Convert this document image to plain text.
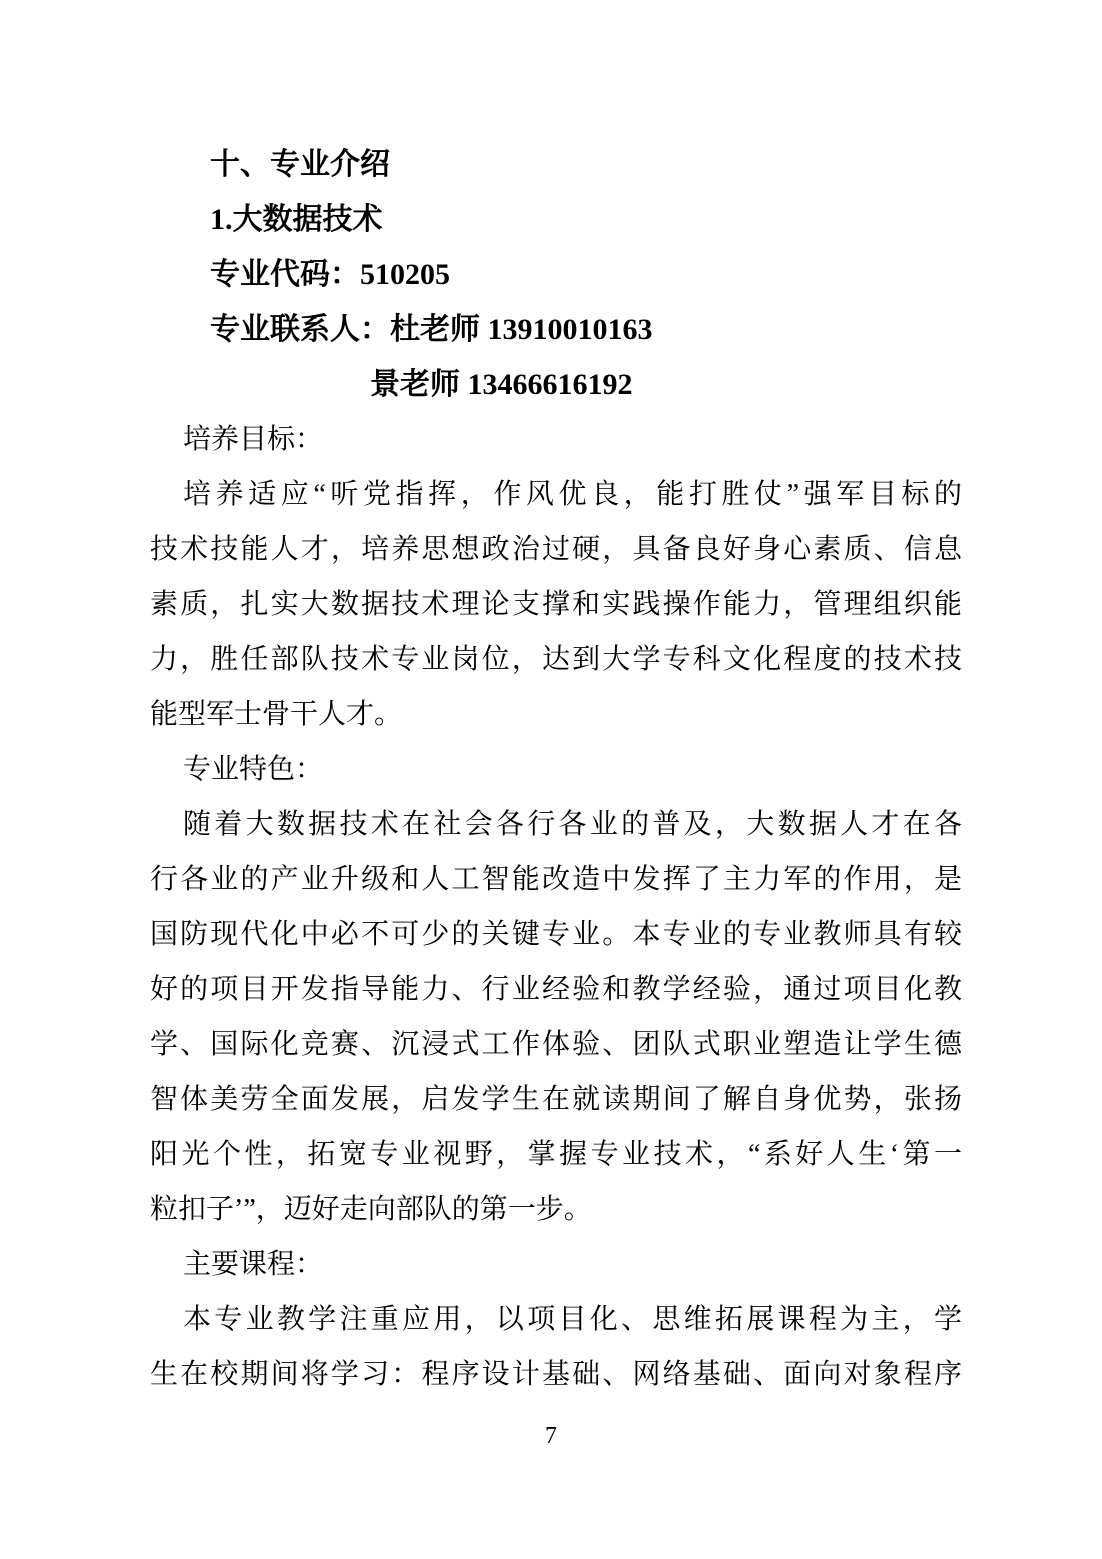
十、专业介绍
1.大数据技术
专业代码：510205
专业联系人：杜老师 13910010163
景老师 13466616192
培养目标：
培养适应“听党指挥，作风优良，能打胜仗”强军目标的
技术技能人才，培养思想政治过硬，具备良好身心素质、信息
素质，扎实大数据技术理论支撑和实践操作能力，管理组织能
力，胜任部队技术专业岗位，达到大学专科文化程度的技术技
能型军士骨干人才。
专业特色：
随着大数据技术在社会各行各业的普及，大数据人才在各
行各业的产业升级和人工智能改造中发挥了主力军的作用，是
国防现代化中必不可少的关键专业。本专业的专业教师具有较
好的项目开发指导能力、行业经验和教学经验，通过项目化教
学、国际化竞赛、沉浸式工作体验、团队式职业塑造让学生德
智体美劳全面发展，启发学生在就读期间了解自身优势，张扬
阳光个性，拓宽专业视野，掌握专业技术，“系好人生‘第一
粒扣子’”，迈好走向部队的第一步。
主要课程：
本专业教学注重应用，以项目化、思维拓展课程为主，学
生在校期间将学习：程序设计基础、网络基础、面向对象程序
7
